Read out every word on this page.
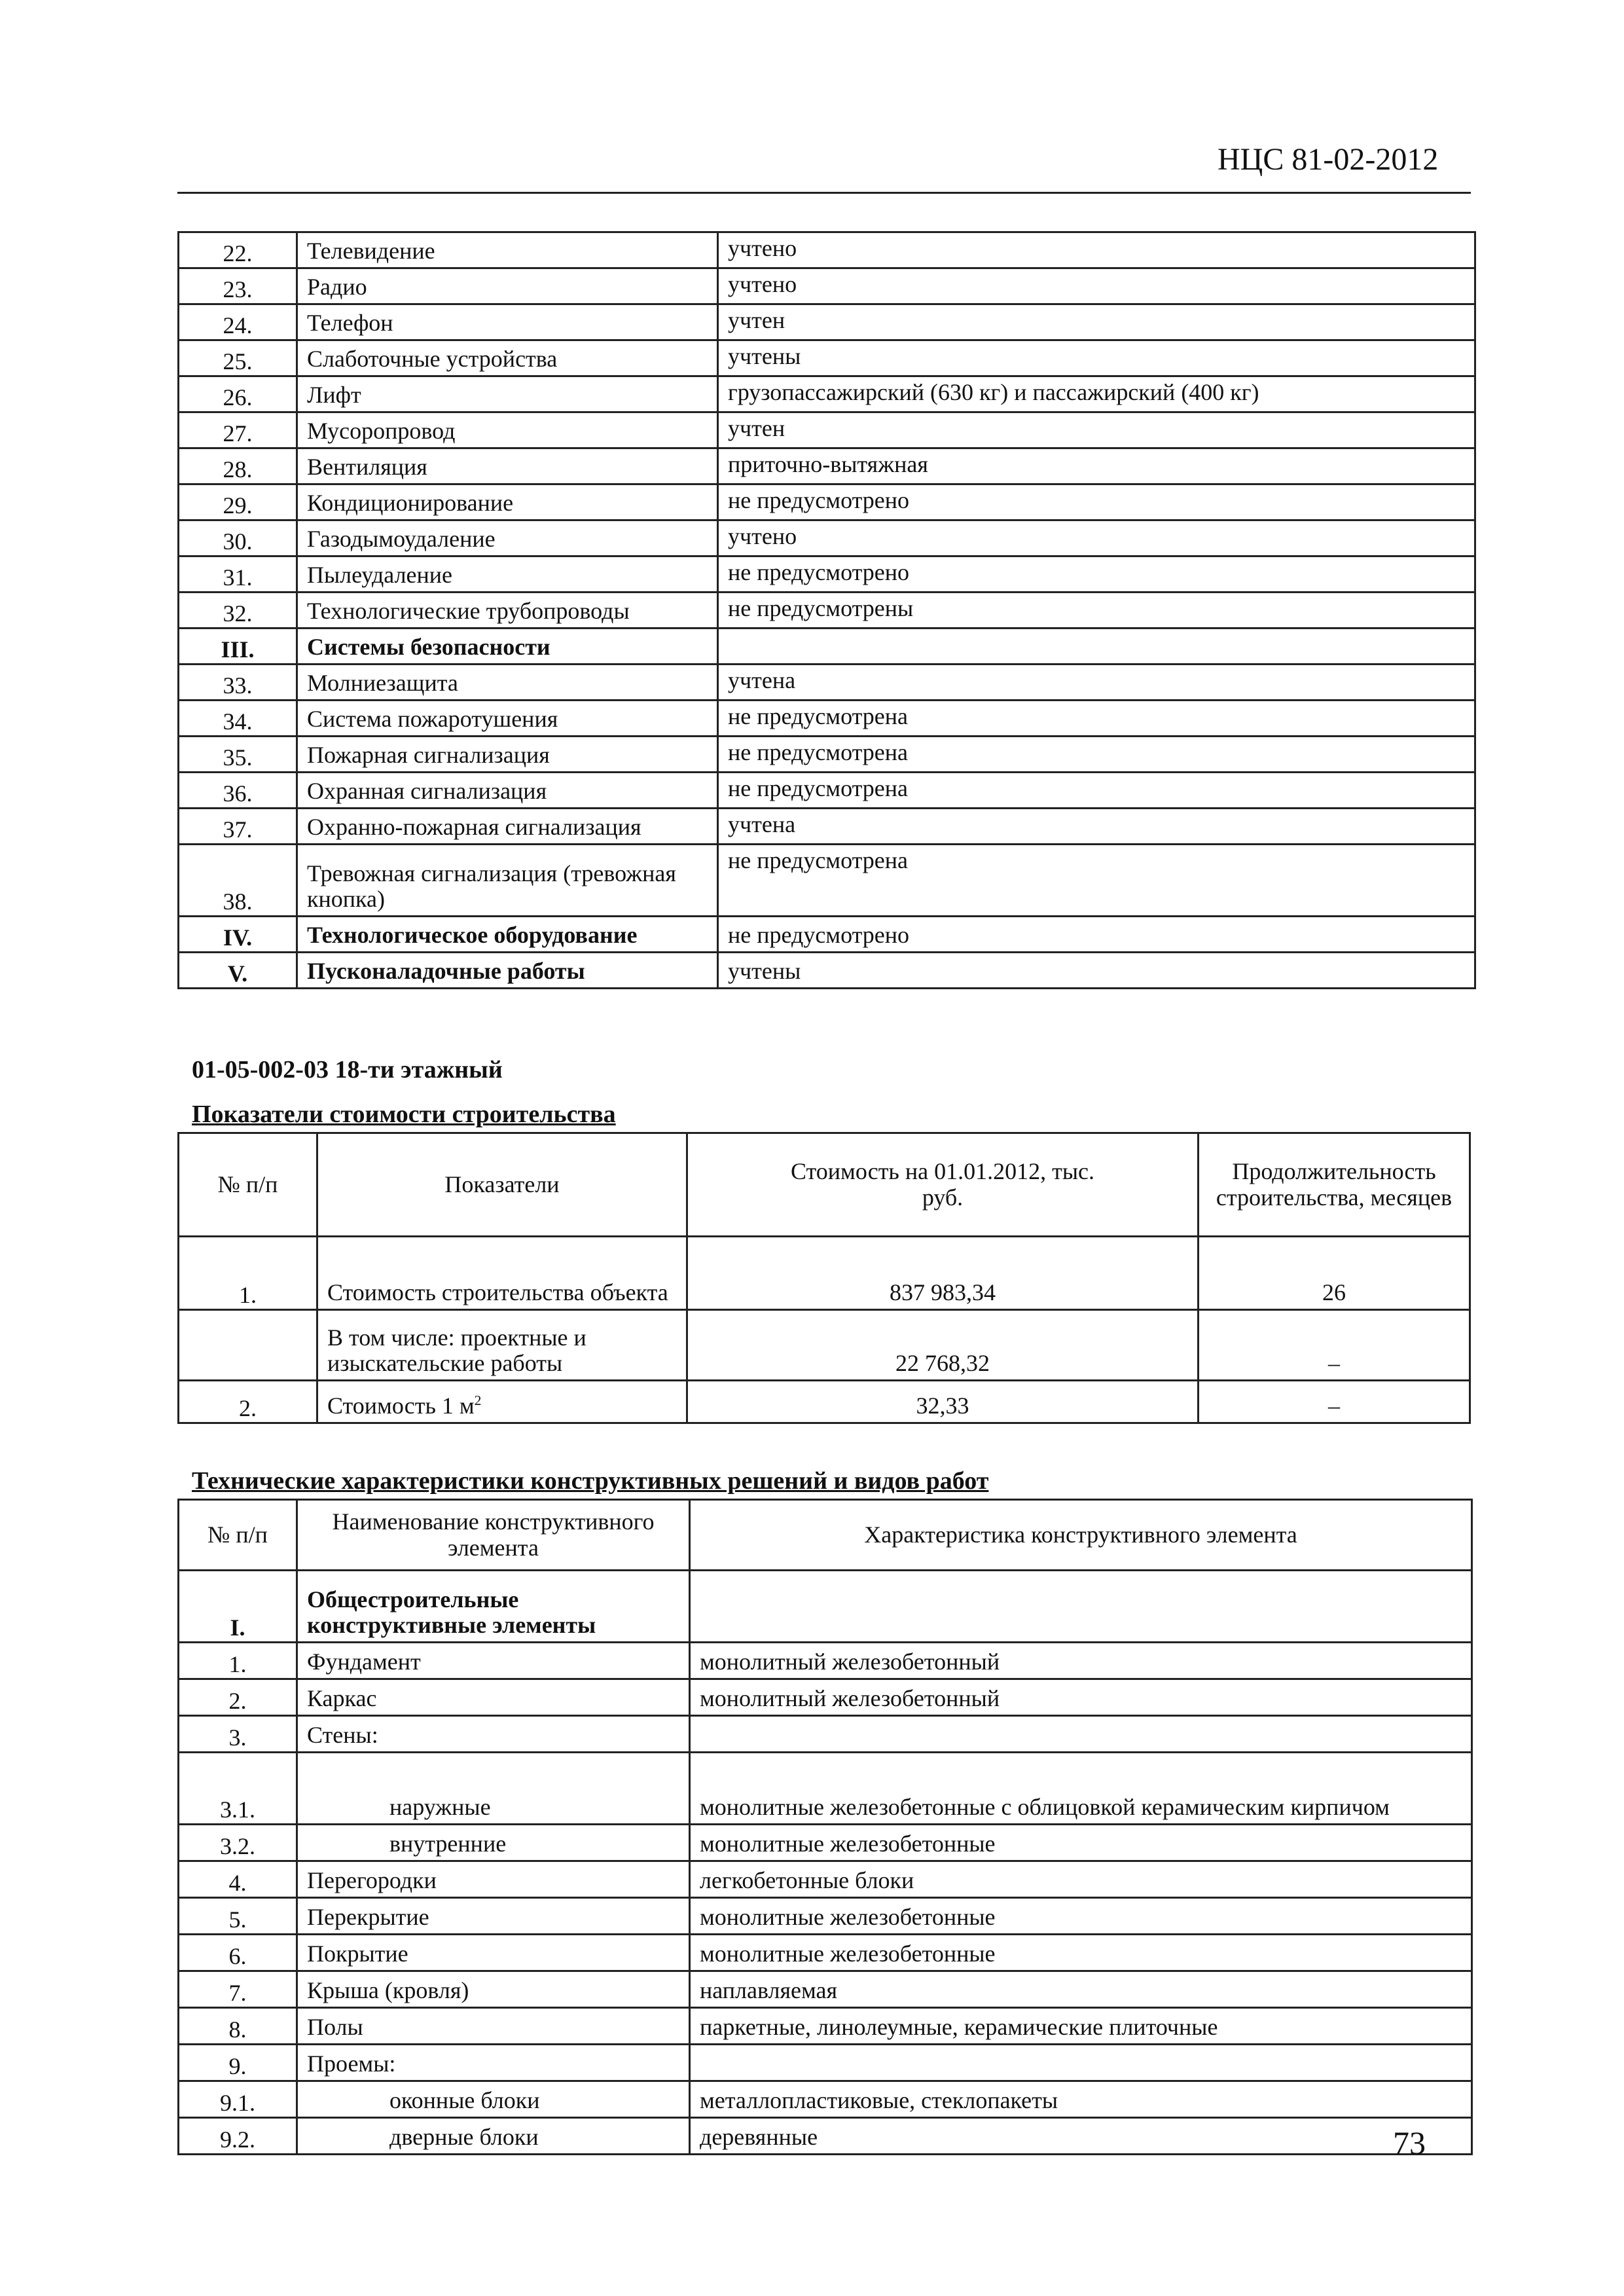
НЦС 81-02-2012
22.	Телевидение	учтено
23.	Радио	учтено
24.	Телефон	учтен
25.	Слаботочные устройства	учтены
26.	Лифт	грузопассажирский (630 кг) и пассажирский (400 кг)
27.	Мусоропровод	учтен
28.	Вентиляция	приточно-вытяжная
29.	Кондиционирование	не предусмотрено
30.	Газодымоудаление	учтено
31.	Пылеудаление	не предусмотрено
32.	Технологические трубопроводы	не предусмотрены
III.	Системы безопасности	
33.	Молниезащита	учтена
34.	Система пожаротушения	не предусмотрена
35.	Пожарная сигнализация	не предусмотрена
36.	Охранная сигнализация	не предусмотрена
37.	Охранно-пожарная сигнализация	учтена
38.	Тревожная сигнализация (тревожная кнопка)	не предусмотрена
IV.	Технологическое оборудование	не предусмотрено
V.	Пусконаладочные работы	учтены
01-05-002-03 18-ти этажный
Показатели стоимости строительства
№ п/п	Показатели	Стоимость на 01.01.2012, тыс. руб.	Продолжительность строительства, месяцев
1.	Стоимость строительства объекта	837 983,34	26
	В том числе: проектные и изыскательские работы	22 768,32	–
2.	Стоимость 1 $м^2$	32,33	–
Технические характеристики конструктивных решений и видов работ
№ п/п	Наименование конструктивного элемента	Характеристика конструктивного элемента
I.	Общестроительные конструктивные элементы	
1.	Фундамент	монолитный железобетонный
2.	Каркас	монолитный железобетонный
3.	Стены:	
3.1.	наружные	монолитные железобетонные с облицовкой керамическим кирпичом
3.2.	внутренние	монолитные железобетонные
4.	Перегородки	легкобетонные блоки
5.	Перекрытие	монолитные железобетонные
6.	Покрытие	монолитные железобетонные
7.	Крыша (кровля)	наплавляемая
8.	Полы	паркетные, линолеумные, керамические плиточные
9.	Проемы:	
9.1.	оконные блоки	металлопластиковые, стеклопакеты
9.2.	дверные блоки	деревянные	73
